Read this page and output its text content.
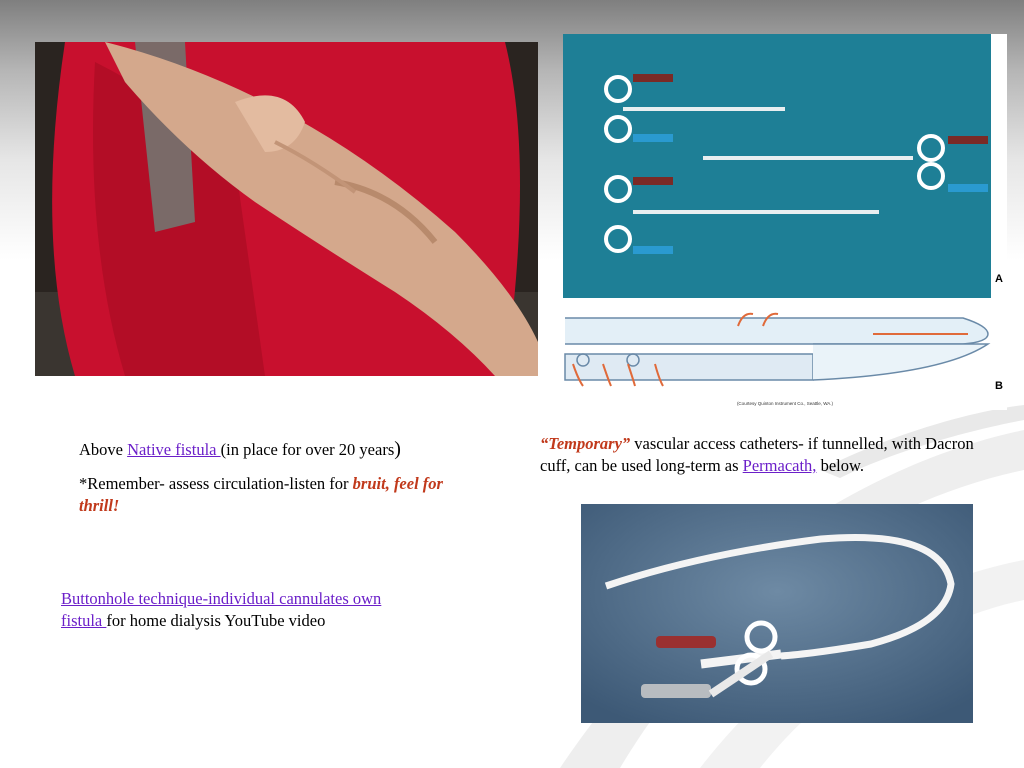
A
B
(Courtesy Quinton Instrument Co., Seattle, WA.)

Above Native fistula (in place for over 20 years)

*Remember- assess circulation-listen for bruit, feel for thrill!

“Temporary” vascular access catheters- if tunnelled, with Dacron cuff, can be used long-term as Permacath, below.
Buttonhole technique-individual cannulates own fistula for home dialysis YouTube video
